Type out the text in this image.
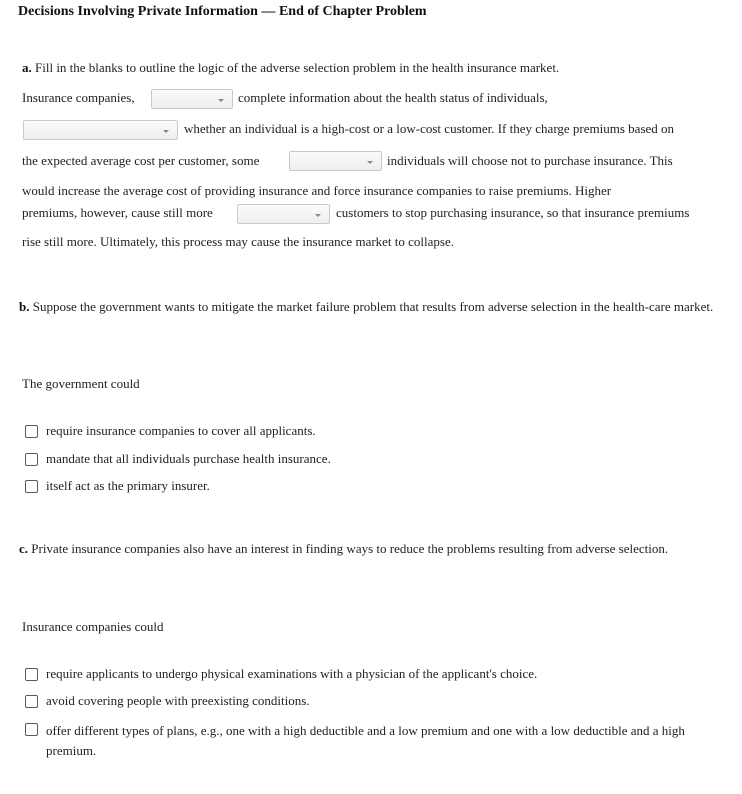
Decisions Involving Private Information — End of Chapter Problem
a. Fill in the blanks to outline the logic of the adverse selection problem in the health insurance market.
Insurance companies,	complete information about the health status of individuals,
whether an individual is a high-cost or a low-cost customer. If they charge premiums based on
the expected average cost per customer, some	individuals will choose not to purchase insurance. This
would increase the average cost of providing insurance and force insurance companies to raise premiums. Higher
premiums, however, cause still more	customers to stop purchasing insurance, so that insurance premiums
rise still more. Ultimately, this process may cause the insurance market to collapse.
b. Suppose the government wants to mitigate the market failure problem that results from adverse selection in the health-care market.
The government could
require insurance companies to cover all applicants.
mandate that all individuals purchase health insurance.
itself act as the primary insurer.
c. Private insurance companies also have an interest in finding ways to reduce the problems resulting from adverse selection.
Insurance companies could
require applicants to undergo physical examinations with a physician of the applicant's choice.
avoid covering people with preexisting conditions.
offer different types of plans, e.g., one with a high deductible and a low premium and one with a low deductible and a high premium.
